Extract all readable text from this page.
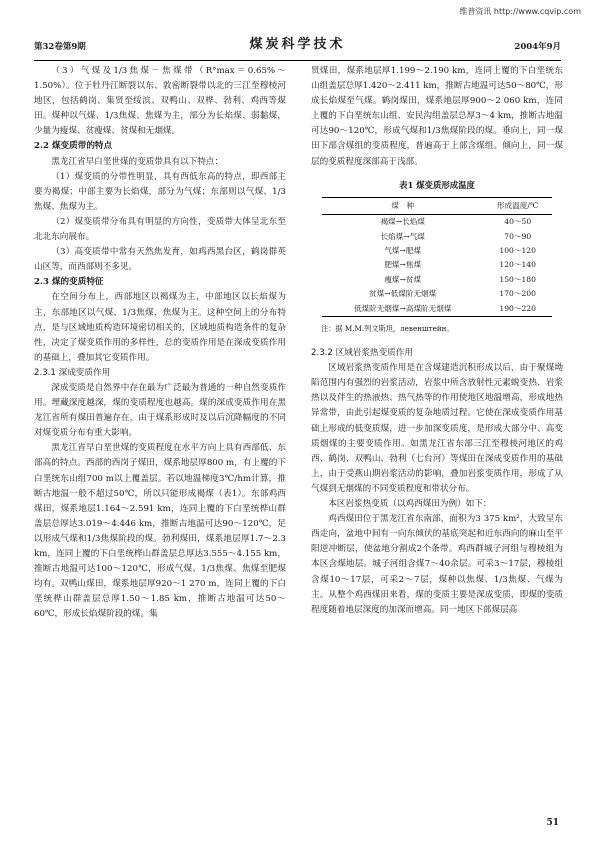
维普资讯 http://www.cqvip.com
第32卷第9期	煤炭科学技术	2004年9月

（3）气煤及1/3焦煤－焦煤带（R°max＝0.65%～1.50%）。位于牡丹江断裂以东、敦密断裂带以北的三江至穆棱河地区，包括鹤岗、集贤至绥滨、双鸭山、双桦、勃利、鸡西等煤田。煤种以气煤、1/3焦煤、焦煤为主，部分为长焰煤、弱黏煤，少量为瘦煤、贫瘦煤、贫煤和无烟煤。

2.2 煤变质带的特点

黑龙江省早白垩世煤的变质带具有以下特点：

（1）煤变质的分带性明显，具有西低东高的特点，即西部主要为褐煤；中部主要为长焰煤，部分为气煤；东部则以气煤、1/3焦煤、焦煤为主。

（2）煤变质带分布具有明显的方向性，变质带大体呈北东至北北东向展布。

（3）高变质带中常有天然焦发育，如鸡西黑台区，鹤岗群英山区等，而西部则不多见。

2.3 煤的变质特征

在空间分布上，西部地区以褐煤为主，中部地区以长焰煤为主，东部地区以气煤、1/3焦煤、焦煤为主。这种空间上的分布特点，是与区域地质构造环境密切相关的，区域地质构造条件的复杂性，决定了煤变质作用的多样性，总的变质作用是在深成变质作用的基础上，叠加其它变质作用。

2.3.1 深成变质作用

深成变质是自然界中存在最为广泛最为普通的一种自然变质作用。埋藏深度越深，煤的变质程度也越高。煤的深成变质作用在黑龙江省所有煤田普遍存在，由于煤系形成时及以后沉降幅度的不同对煤变质分布有重大影响。

黑龙江省早白垩世煤的变质程度在水平方向上具有西部低、东部高的特点。西部的西岗子煤田，煤系地层厚800 m，有上覆的下白垩统东山组700 m以上覆盖层。若以地温梯度3℃/hm计算，推断古地温一般不超过50℃，所以只能形成褐煤（表1）。东部鸡西煤田，煤系地层1.164～2.591 km，连同上覆的下白垩统桦山群盖层总厚达3.019～4.446 km，推断古地温可达90～120℃，足以形成气煤和1/3焦煤阶段的煤。勃利煤田，煤系地层厚1.7～2.3 km，连同上覆的下白垩统桦山群盖层总厚达3.555～4.155 km，推断古地温可达100～120℃，形成气煤、1/3焦煤、焦煤至肥煤均有。双鸭山煤田，煤系地层厚920～1 270 m，连同上覆的下白垩统桦山群盖层总厚1.50～1.85 km，推断古地温可达50～60℃，形成长焰煤阶段的煤。集

贤煤田，煤系地层厚1.199～2.190 km，连同上覆的下白垩统东山组盖层总厚1.420～2.411 km，推断古地温可达50～80℃，形成长焰煤至气煤。鹤岗煤田，煤系地层厚900～2 060 km，连同上覆的下白垩统东山组、安民沟组盖层总厚3～4 km，推断古地温可达90～120℃，形成气煤和1/3焦煤阶段的煤。垂向上，同一煤田下部含煤组的变质程度，普遍高于上部含煤组。倾向上，同一煤层的变质程度深部高于浅部。

表1 煤变质形成温度
煤　种	形成温度/℃
褐煤→长焰煤	40～50
长焰煤→气煤	70～90
气煤→肥煤	100～120
肥煤→焦煤	120～140
瘦煤→贫煤	150～180
贫煤→低煤阶无烟煤	170～200
低煤阶无烟煤→高煤阶无烟煤	190～220
注：据 M.M.列文斯坦，левенштейн。
2.3.2 区域岩浆热变质作用

区域岩浆热变质作用是在含煤建造沉积形成以后，由于聚煤坳陷范围内有强烈的岩浆活动，岩浆中所含放射性元素蜕变热、岩浆热以及伴生的热液热、热气热等的作用使地区地温增高，形成地热异常带，由此引起煤变质的复杂地质过程。它使在深成变质作用基础上形成的低变质煤，进一步加深变质度，是形成大部分中、高变质烟煤的主要变质作用。如黑龙江省东部三江至穆棱河地区的鸡西、鹤岗、双鸭山、勃利（七台河）等煤田在深成变质作用的基础上，由于受燕山期岩浆活动的影响，叠加岩浆变质作用，形成了从气煤到无烟煤的不同变质程度和带状分布。

本区岩浆热变质（以鸡西煤田为例）如下：

鸡西煤田位于黑龙江省东南部，面积为3 375 km²，大致呈东西走向，盆地中间有一向东倾伏的基底突起和近东西向的麻山至平阳逆冲断层，使盆地分割成2个条带。鸡西群城子河组与穆棱组为本区含煤地层。城子河组含煤7～40余层。可采3～17层，穆棱组含煤10～17层，可采2～7层，煤种以焦煤、1/3焦煤、气煤为主。从整个鸡西煤田来看，煤的变质主要是深成变质，即煤的变质程度随着地层深度的加深而增高。同一地区下部煤层高

51
